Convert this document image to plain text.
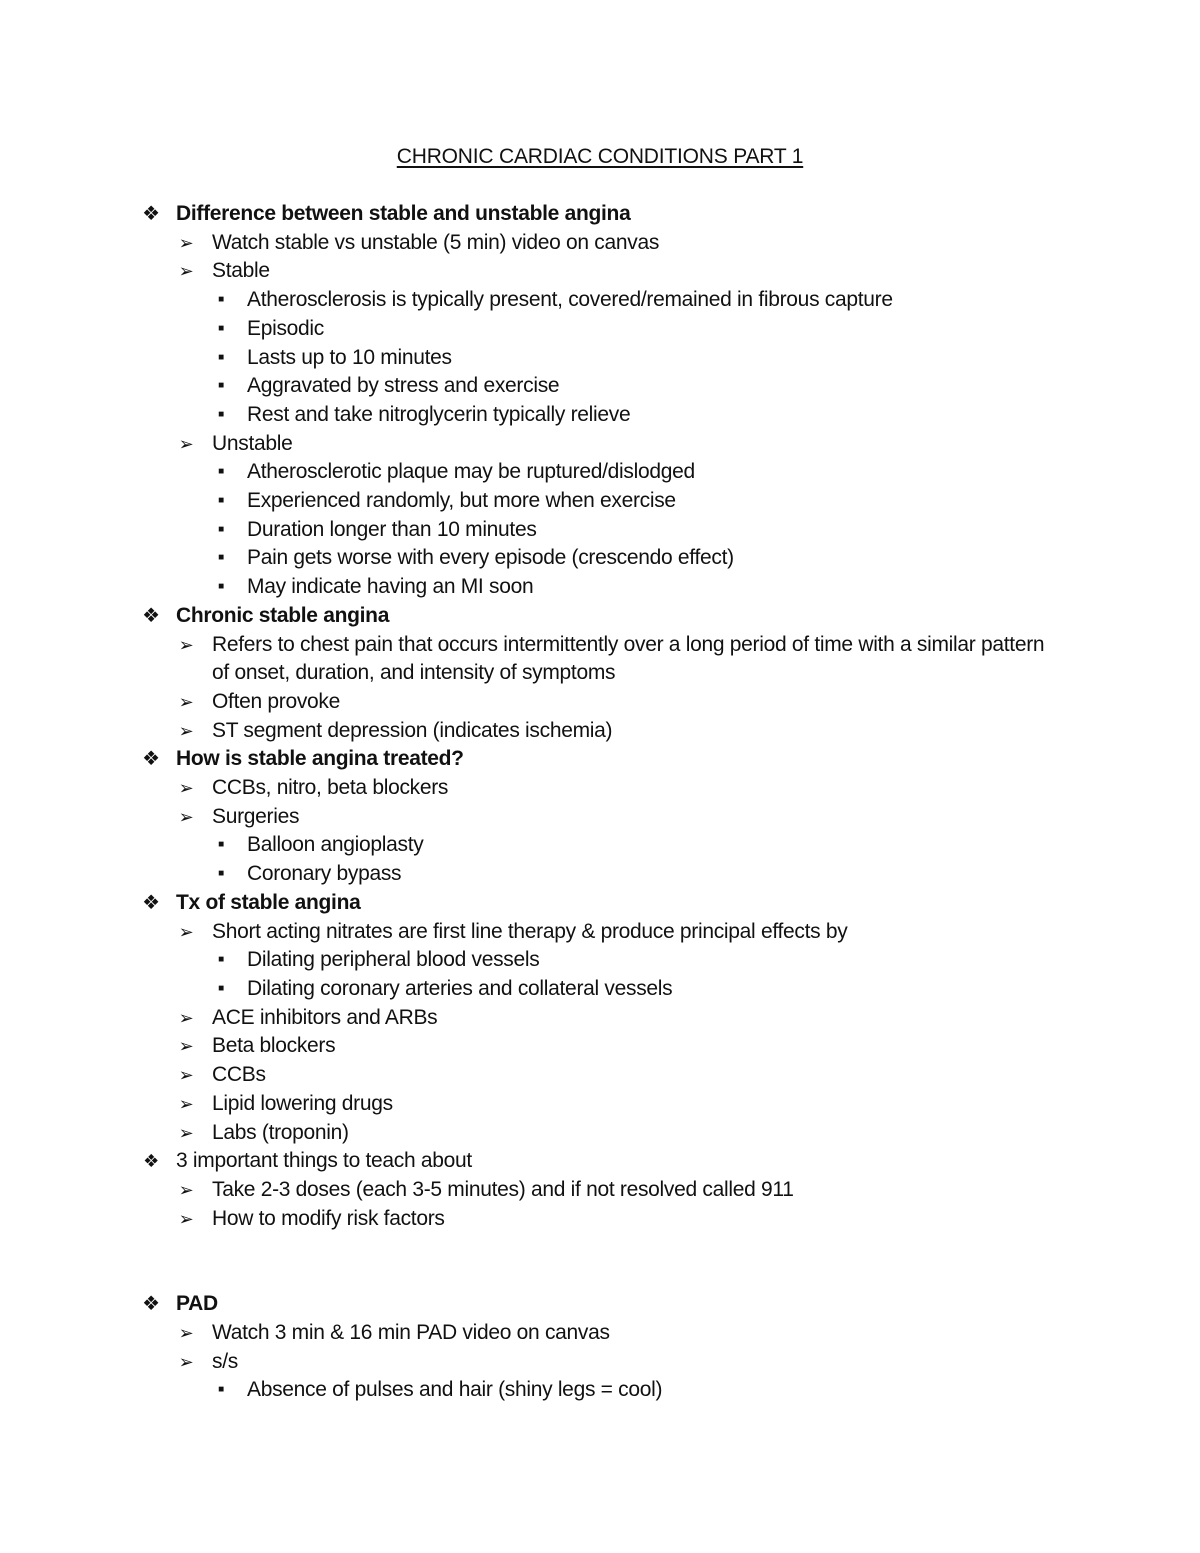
CHRONIC CARDIAC CONDITIONS PART 1
❖ Difference between stable and unstable angina
➢ Watch stable vs unstable (5 min) video on canvas
➢ Stable
■	Atherosclerosis is typically present, covered/remained in fibrous capture
■	Episodic
■	Lasts up to 10 minutes
■	Aggravated by stress and exercise
■	Rest and take nitroglycerin typically relieve
➢ Unstable
■	Atherosclerotic plaque may be ruptured/dislodged
■	Experienced randomly, but more when exercise
■	Duration longer than 10 minutes
■	Pain gets worse with every episode (crescendo effect)
■	May indicate having an MI soon
❖ Chronic stable angina
➢ Refers to chest pain that occurs intermittently over a long period of time with a similar pattern of onset, duration, and intensity of symptoms
➢ Often provoke
➢ ST segment depression (indicates ischemia)
❖ How is stable angina treated?
➢ CCBs, nitro, beta blockers
➢ Surgeries
■	Balloon angioplasty
■	Coronary bypass
❖ Tx of stable angina
➢ Short acting nitrates are first line therapy & produce principal effects by
■	Dilating peripheral blood vessels
■	Dilating coronary arteries and collateral vessels
➢ ACE inhibitors and ARBs
➢ Beta blockers
➢ CCBs
➢ Lipid lowering drugs
➢ Labs (troponin)
❖ 3 important things to teach about
➢ Take 2-3 doses (each 3-5 minutes) and if not resolved called 911
➢ How to modify risk factors
❖ PAD
➢ Watch 3 min & 16 min PAD video on canvas
➢ s/s
■	Absence of pulses and hair (shiny legs = cool)
